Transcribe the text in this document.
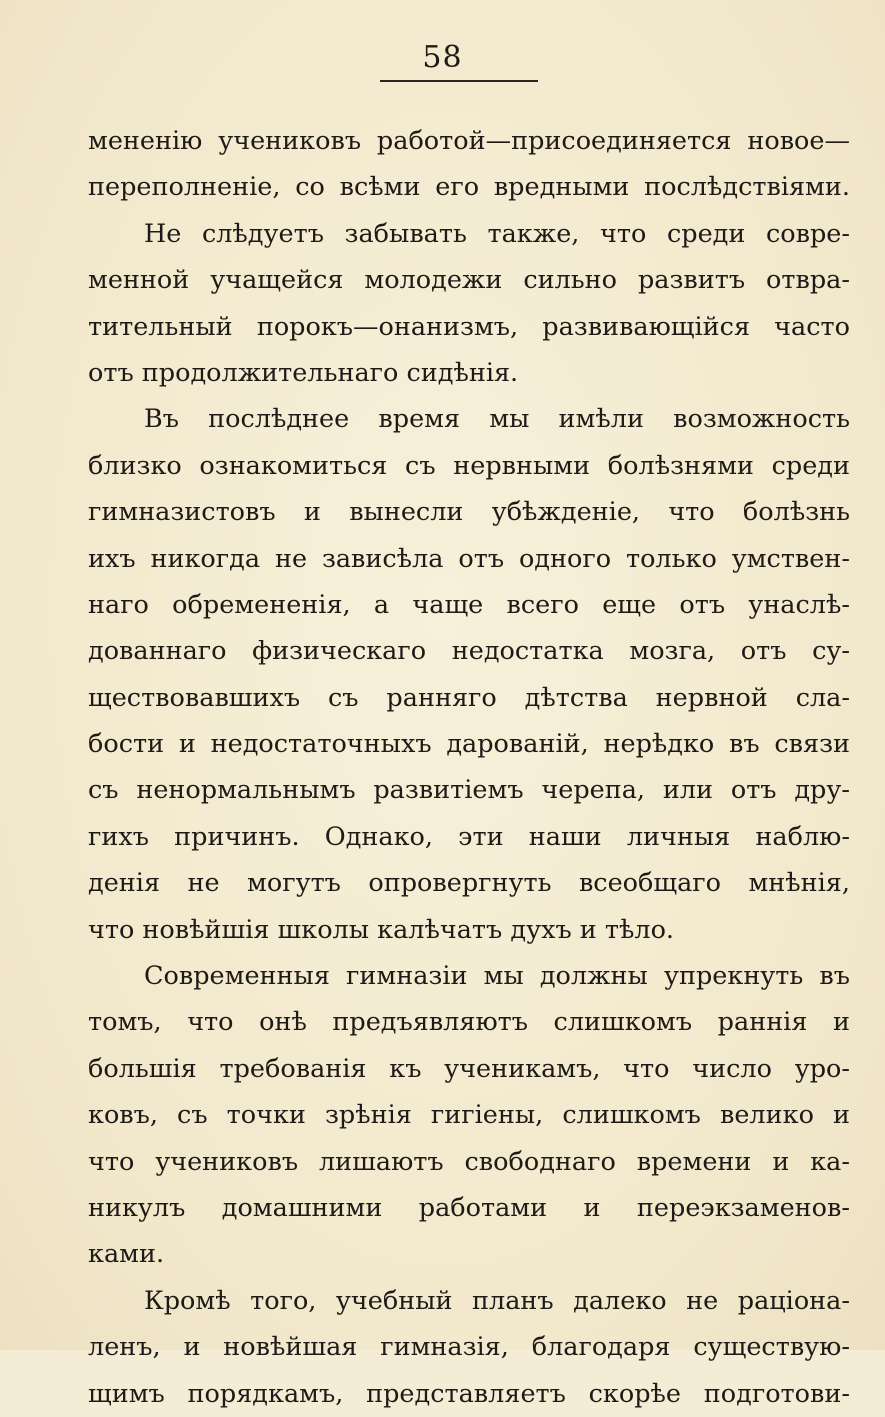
58
мененію учениковъ работой—присоединяется новое—
переполненіе, со всѣми его вредными послѣдствіями.
Не слѣдуетъ забывать также, что среди совре-
менной учащейся молодежи сильно развитъ отвра-
тительный порокъ—онанизмъ, развивающійся часто
отъ продолжительнаго сидѣнія.
Въ послѣднее время мы имѣли возможность
близко ознакомиться съ нервными болѣзнями среди
гимназистовъ и вынесли убѣжденіе, что болѣзнь
ихъ никогда не зависѣла отъ одного только умствен-
наго обремененія, а чаще всего еще отъ унаслѣ-
дованнаго физическаго недостатка мозга, отъ су-
ществовавшихъ съ ранняго дѣтства нервной сла-
бости и недостаточныхъ дарованій, нерѣдко въ связи
съ ненормальнымъ развитіемъ черепа, или отъ дру-
гихъ причинъ. Однако, эти наши личныя наблю-
денія не могутъ опровергнуть всеобщаго мнѣнія,
что новѣйшія школы калѣчатъ духъ и тѣло.
Современныя гимназіи мы должны упрекнуть въ
томъ, что онѣ предъявляютъ слишкомъ раннія и
большія требованія къ ученикамъ, что число уро-
ковъ, съ точки зрѣнія гигіены, слишкомъ велико и
что учениковъ лишаютъ свободнаго времени и ка-
никулъ домашними работами и переэкзаменов-
ками.
Кромѣ того, учебный планъ далеко не раціона-
ленъ, и новѣйшая гимназія, благодаря существую-
щимъ порядкамъ, представляетъ скорѣе подготови-
